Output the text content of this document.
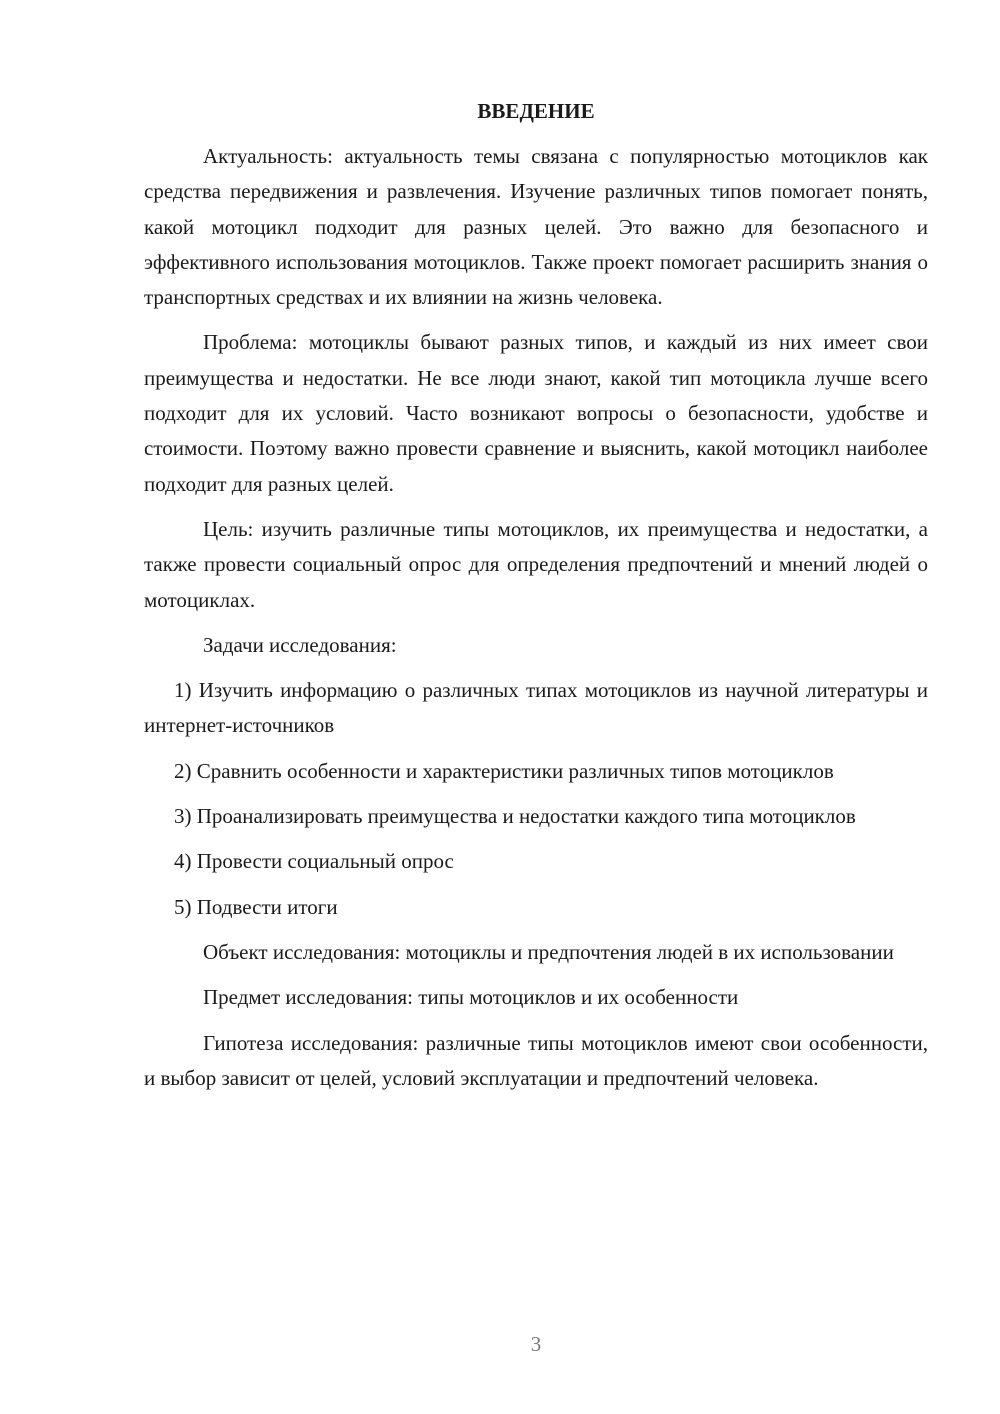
ВВЕДЕНИЕ

Актуальность: актуальность темы связана с популярностью мотоциклов как средства передвижения и развлечения. Изучение различных типов помогает понять, какой мотоцикл подходит для разных целей. Это важно для безопасного и эффективного использования мотоциклов. Также проект помогает расширить знания о транспортных средствах и их влиянии на жизнь человека.

Проблема: мотоциклы бывают разных типов, и каждый из них имеет свои преимущества и недостатки. Не все люди знают, какой тип мотоцикла лучше всего подходит для их условий. Часто возникают вопросы о безопасности, удобстве и стоимости. Поэтому важно провести сравнение и выяснить, какой мотоцикл наиболее подходит для разных целей.

Цель: изучить различные типы мотоциклов, их преимущества и недостатки, а также провести социальный опрос для определения предпочтений и мнений людей о мотоциклах.

Задачи исследования:

1) Изучить информацию о различных типах мотоциклов из научной литературы и интернет-источников

2) Сравнить особенности и характеристики различных типов мотоциклов

3) Проанализировать преимущества и недостатки каждого типа мотоциклов

4) Провести социальный опрос

5) Подвести итоги

Объект исследования: мотоциклы и предпочтения людей в их использовании

Предмет исследования: типы мотоциклов и их особенности

Гипотеза исследования: различные типы мотоциклов имеют свои особенности, и выбор зависит от целей, условий эксплуатации и предпочтений человека.

3
